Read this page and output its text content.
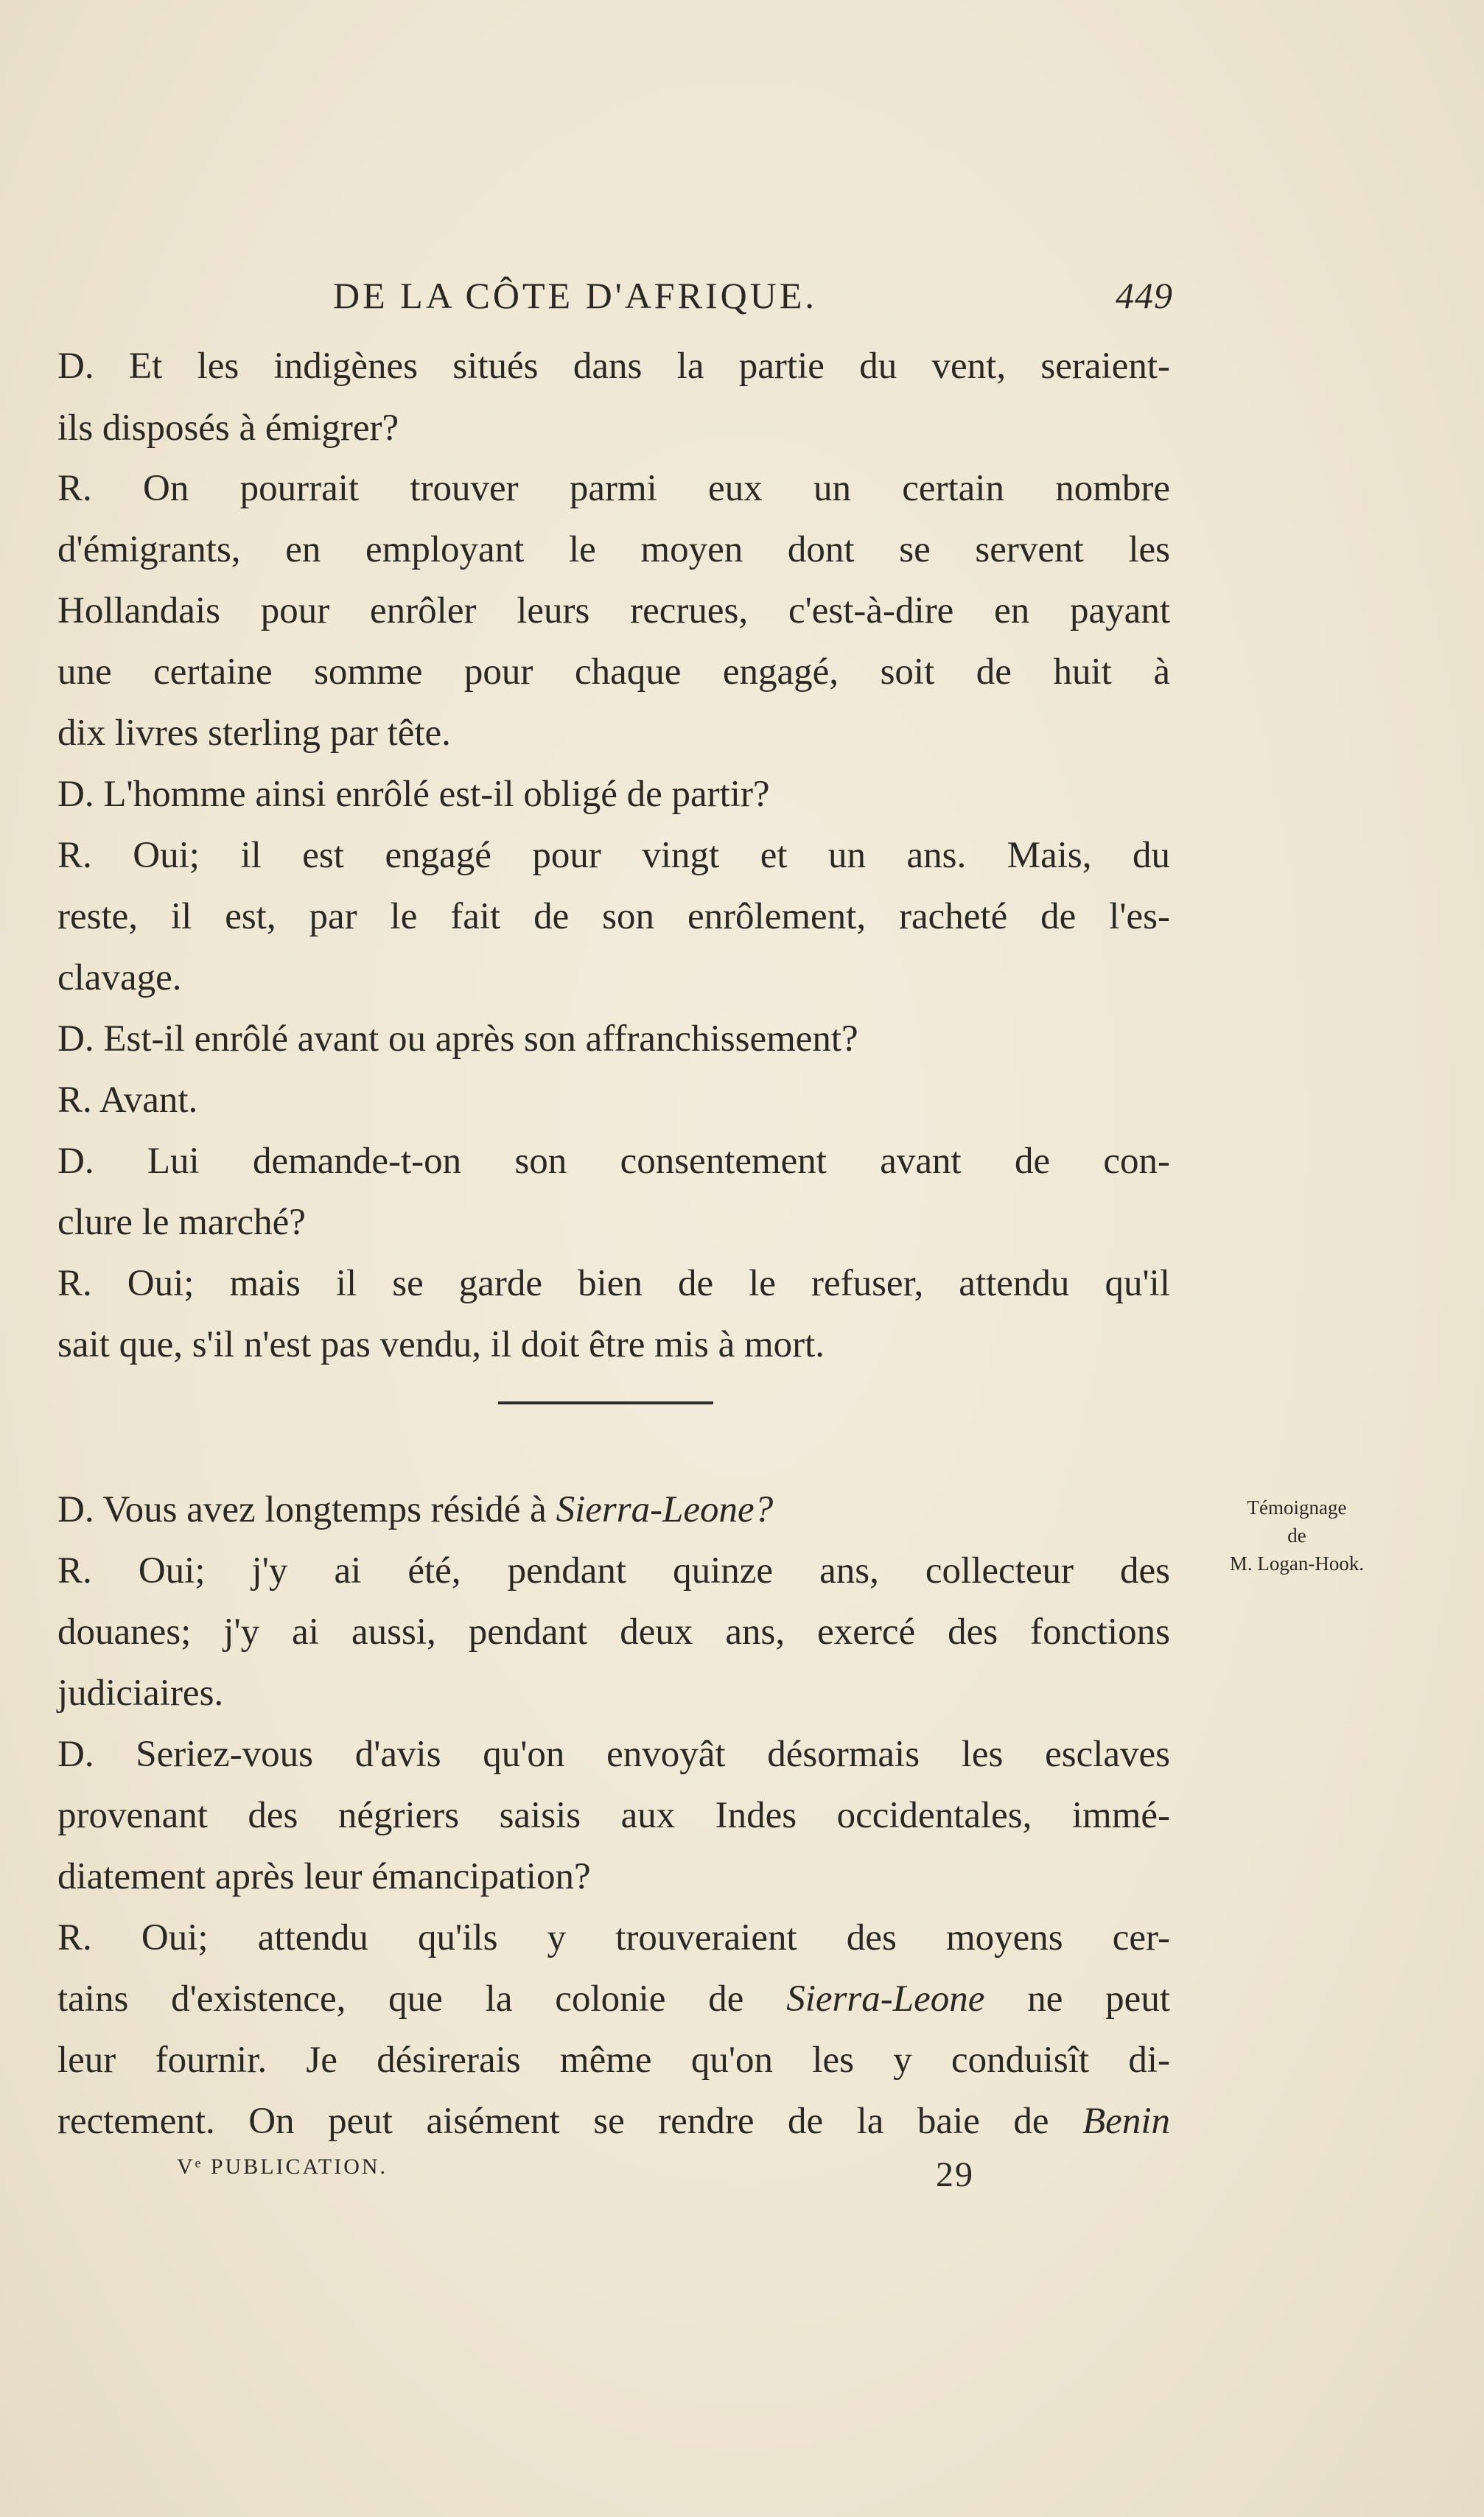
DE LA CÔTE D'AFRIQUE.	449
D. Et les indigènes situés dans la partie du vent, seraient-
ils disposés à émigrer?
R. On pourrait trouver parmi eux un certain nombre
d'émigrants, en employant le moyen dont se servent les
Hollandais pour enrôler leurs recrues, c'est-à-dire en payant
une certaine somme pour chaque engagé, soit de huit à
dix livres sterling par tête.
D. L'homme ainsi enrôlé est-il obligé de partir?
R. Oui; il est engagé pour vingt et un ans. Mais, du
reste, il est, par le fait de son enrôlement, racheté de l'es-
clavage.
D. Est-il enrôlé avant ou après son affranchissement?
R. Avant.
D. Lui demande-t-on son consentement avant de con-
clure le marché?
R. Oui; mais il se garde bien de le refuser, attendu qu'il
sait que, s'il n'est pas vendu, il doit être mis à mort.
D. Vous avez longtemps résidé à Sierra-Leone?
R. Oui; j'y ai été, pendant quinze ans, collecteur des
douanes; j'y ai aussi, pendant deux ans, exercé des fonctions
judiciaires.
D. Seriez-vous d'avis qu'on envoyât désormais les esclaves
provenant des négriers saisis aux Indes occidentales, immé-
diatement après leur émancipation?
R. Oui; attendu qu'ils y trouveraient des moyens cer-
tains d'existence, que la colonie de Sierra-Leone ne peut
leur fournir. Je désirerais même qu'on les y conduisît di-
rectement. On peut aisément se rendre de la baie de Benin
Témoignage
de
M. Logan-Hook.
Vᵉ PUBLICATION.	29
